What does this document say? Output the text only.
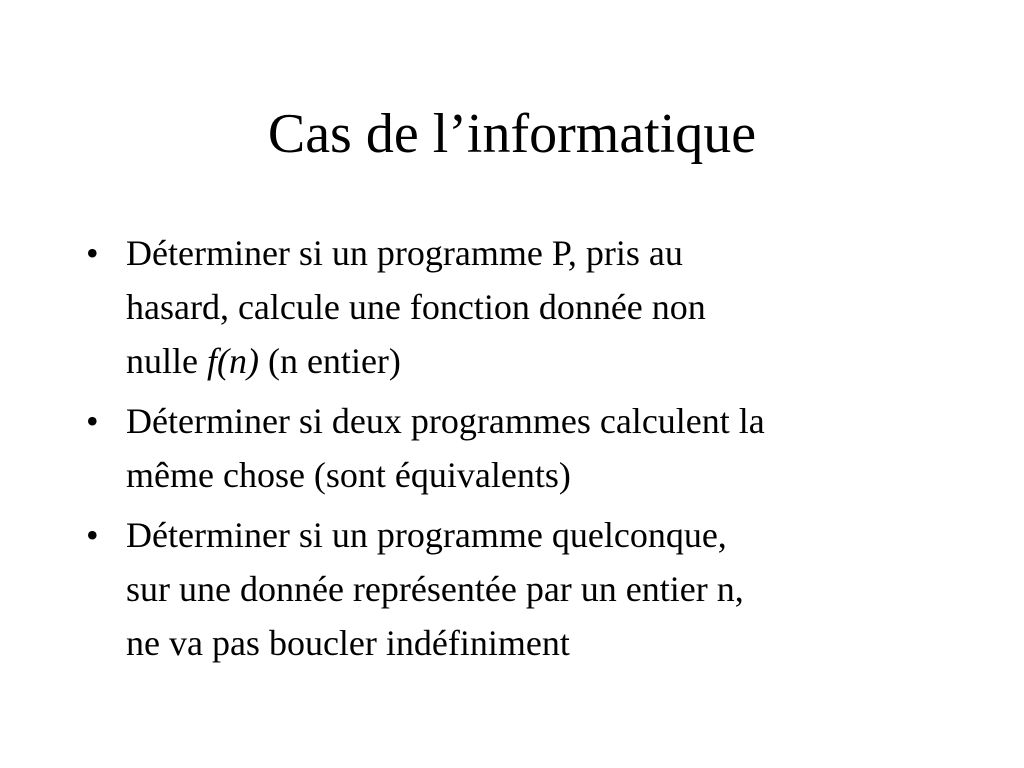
Cas de l’informatique
• Déterminer si un programme P, pris au
hasard, calcule une fonction donnée non
nulle f(n) (n entier)
• Déterminer si deux programmes calculent la
même chose (sont équivalents)
• Déterminer si un programme quelconque,
sur une donnée représentée par un entier n,
ne va pas boucler indéfiniment
